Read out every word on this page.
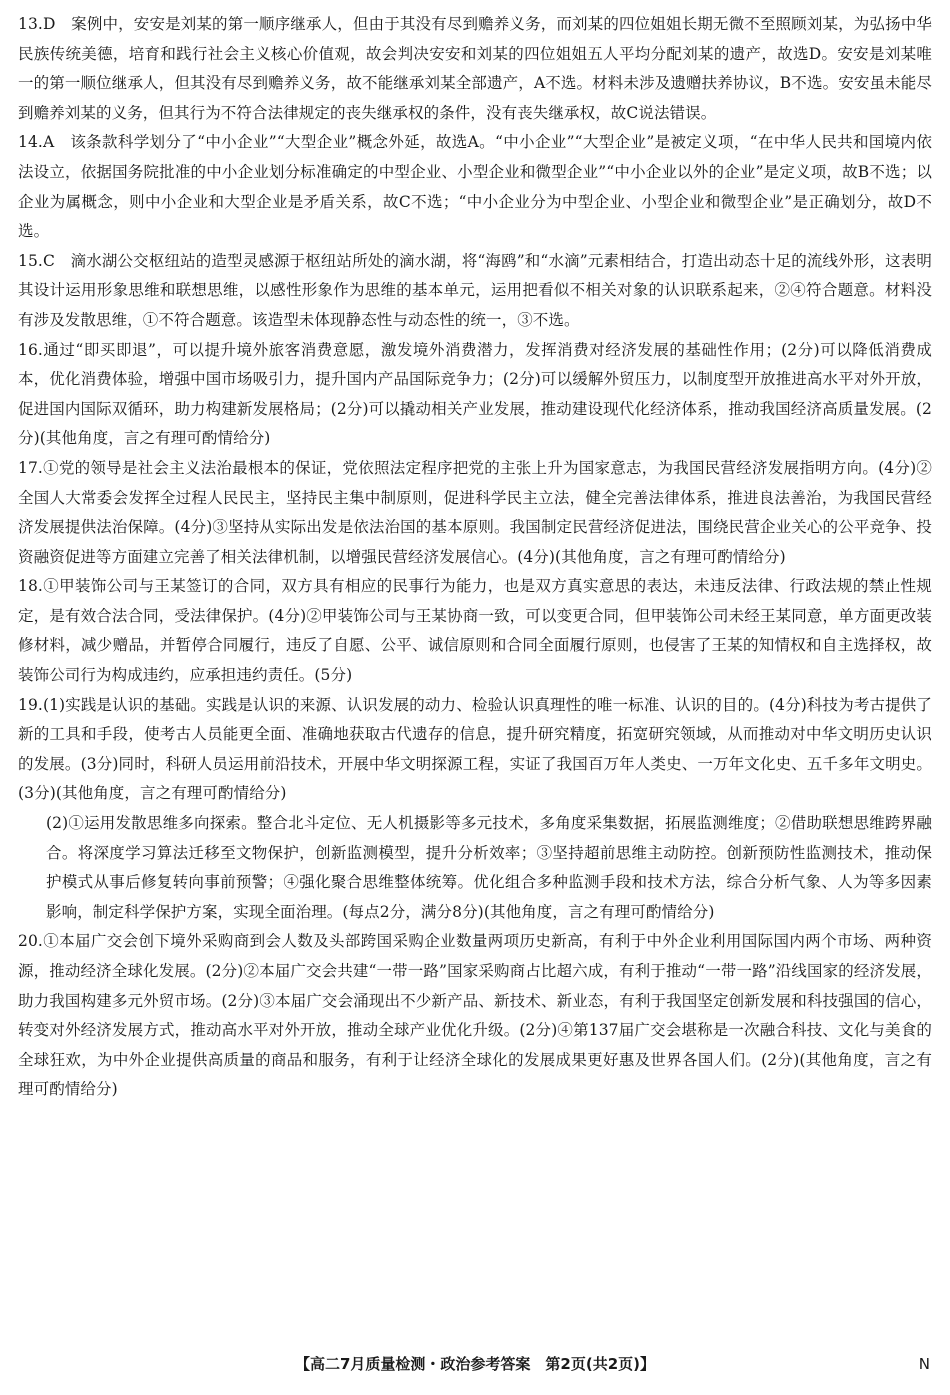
13.D　案例中，安安是刘某的第一顺序继承人，但由于其没有尽到赡养义务，而刘某的四位姐姐长期无微不至照顾刘某，为弘扬中华民族传统美德，培育和践行社会主义核心价值观，故会判决安安和刘某的四位姐姐五人平均分配刘某的遗产，故选D。安安是刘某唯一的第一顺位继承人，但其没有尽到赡养义务，故不能继承刘某全部遗产，A不选。材料未涉及遗赠扶养协议，B不选。安安虽未能尽到赡养刘某的义务，但其行为不符合法律规定的丧失继承权的条件，没有丧失继承权，故C说法错误。

14.A　该条款科学划分了“中小企业”“大型企业”概念外延，故选A。“中小企业”“大型企业”是被定义项，“在中华人民共和国境内依法设立，依据国务院批准的中小企业划分标准确定的中型企业、小型企业和微型企业”“中小企业以外的企业”是定义项，故B不选；以企业为属概念，则中小企业和大型企业是矛盾关系，故C不选；“中小企业分为中型企业、小型企业和微型企业”是正确划分，故D不选。

15.C　滴水湖公交枢纽站的造型灵感源于枢纽站所处的滴水湖，将“海鸥”和“水滴”元素相结合，打造出动态十足的流线外形，这表明其设计运用形象思维和联想思维，以感性形象作为思维的基本单元，运用把看似不相关对象的认识联系起来，②④符合题意。材料没有涉及发散思维，①不符合题意。该造型未体现静态性与动态性的统一，③不选。

16.通过“即买即退”，可以提升境外旅客消费意愿，激发境外消费潜力，发挥消费对经济发展的基础性作用；(2分)可以降低消费成本，优化消费体验，增强中国市场吸引力，提升国内产品国际竞争力；(2分)可以缓解外贸压力，以制度型开放推进高水平对外开放，促进国内国际双循环，助力构建新发展格局；(2分)可以撬动相关产业发展，推动建设现代化经济体系，推动我国经济高质量发展。(2分)(其他角度，言之有理可酌情给分)

17.①党的领导是社会主义法治最根本的保证，党依照法定程序把党的主张上升为国家意志，为我国民营经济发展指明方向。(4分)②全国人大常委会发挥全过程人民民主，坚持民主集中制原则，促进科学民主立法，健全完善法律体系，推进良法善治，为我国民营经济发展提供法治保障。(4分)③坚持从实际出发是依法治国的基本原则。我国制定民营经济促进法，围绕民营企业关心的公平竞争、投资融资促进等方面建立完善了相关法律机制，以增强民营经济发展信心。(4分)(其他角度，言之有理可酌情给分)

18.①甲装饰公司与王某签订的合同，双方具有相应的民事行为能力，也是双方真实意思的表达，未违反法律、行政法规的禁止性规定，是有效合法合同，受法律保护。(4分)②甲装饰公司与王某协商一致，可以变更合同，但甲装饰公司未经王某同意，单方面更改装修材料，减少赠品，并暂停合同履行，违反了自愿、公平、诚信原则和合同全面履行原则，也侵害了王某的知情权和自主选择权，故装饰公司行为构成违约，应承担违约责任。(5分)

19.(1)实践是认识的基础。实践是认识的来源、认识发展的动力、检验认识真理性的唯一标准、认识的目的。(4分)科技为考古提供了新的工具和手段，使考古人员能更全面、准确地获取古代遗存的信息，提升研究精度，拓宽研究领域，从而推动对中华文明历史认识的发展。(3分)同时，科研人员运用前沿技术，开展中华文明探源工程，实证了我国百万年人类史、一万年文化史、五千多年文明史。(3分)(其他角度，言之有理可酌情给分)

(2)①运用发散思维多向探索。整合北斗定位、无人机摄影等多元技术，多角度采集数据，拓展监测维度；②借助联想思维跨界融合。将深度学习算法迁移至文物保护，创新监测模型，提升分析效率；③坚持超前思维主动防控。创新预防性监测技术，推动保护模式从事后修复转向事前预警；④强化聚合思维整体统筹。优化组合多种监测手段和技术方法，综合分析气象、人为等多因素影响，制定科学保护方案，实现全面治理。(每点2分，满分8分)(其他角度，言之有理可酌情给分)

20.①本届广交会创下境外采购商到会人数及头部跨国采购企业数量两项历史新高，有利于中外企业利用国际国内两个市场、两种资源，推动经济全球化发展。(2分)②本届广交会共建“一带一路”国家采购商占比超六成，有利于推动“一带一路”沿线国家的经济发展，助力我国构建多元外贸市场。(2分)③本届广交会涌现出不少新产品、新技术、新业态，有利于我国坚定创新发展和科技强国的信心，转变对外经济发展方式，推动高水平对外开放，推动全球产业优化升级。(2分)④第137届广交会堪称是一次融合科技、文化与美食的全球狂欢，为中外企业提供高质量的商品和服务，有利于让经济全球化的发展成果更好惠及世界各国人们。(2分)(其他角度，言之有理可酌情给分)

【高二7月质量检测・政治参考答案　第2页(共2页)】	N
